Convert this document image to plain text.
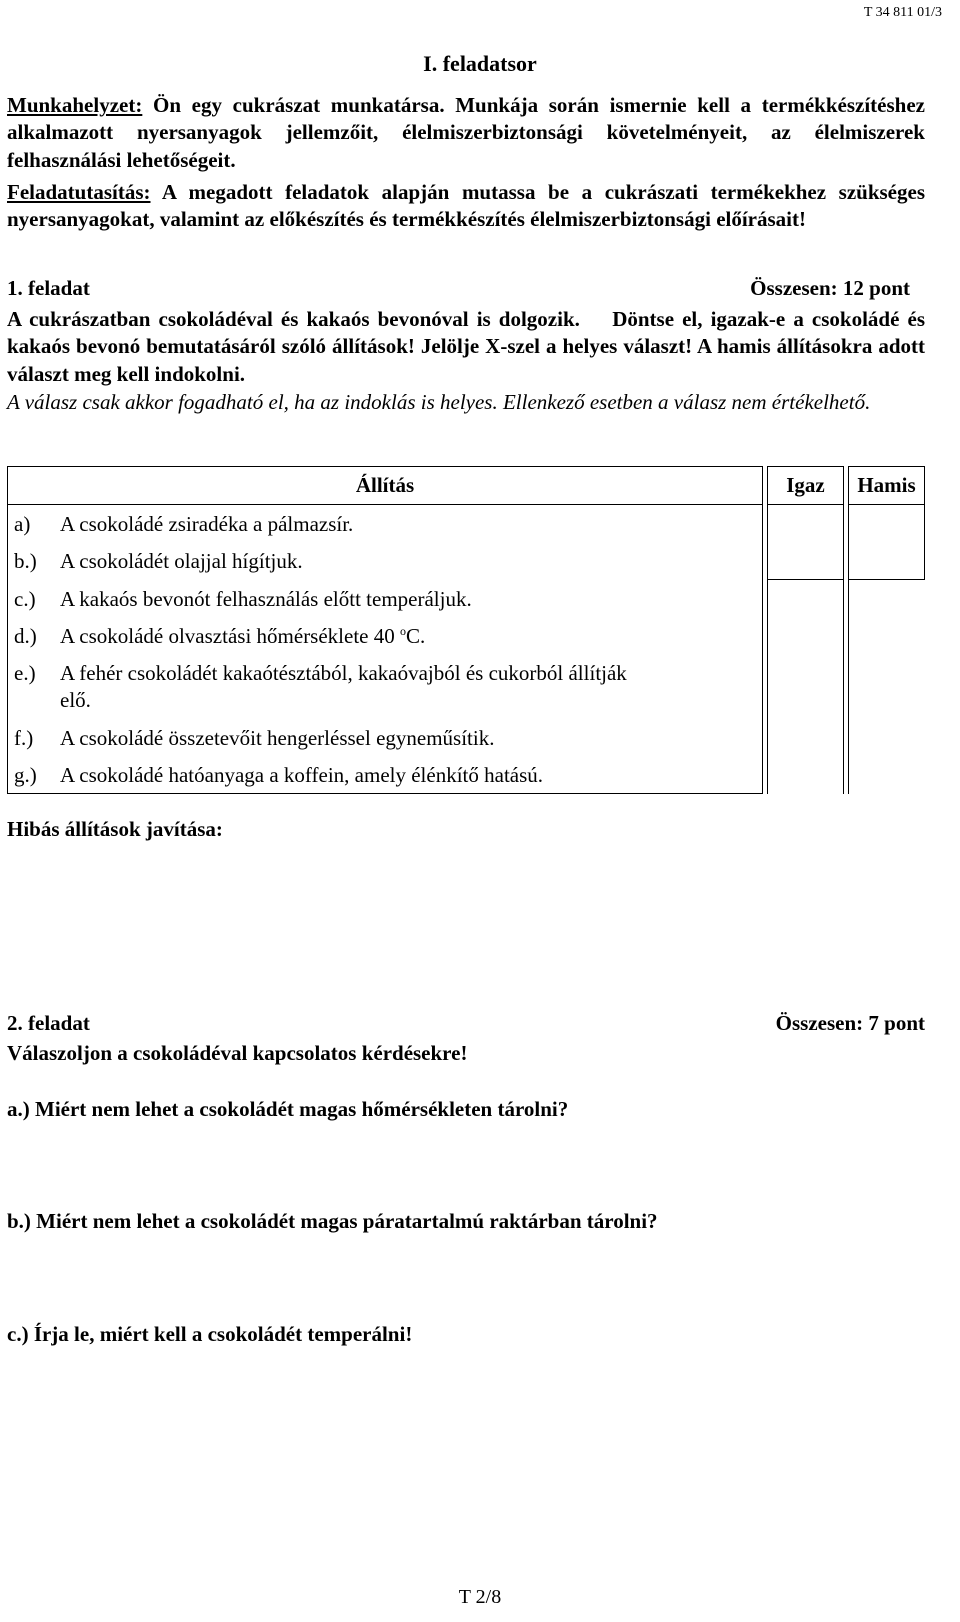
T 34 811 01/3
I. feladatsor
Munkahelyzet: Ön egy cukrászat munkatársa. Munkája során ismernie kell a termékkészítéshez alkalmazott nyersanyagok jellemzőit, élelmiszerbiztonsági követelményeit, az élelmiszerek felhasználási lehetőségeit.
Feladatutasítás: A megadott feladatok alapján mutassa be a cukrászati termékekhez szükséges nyersanyagokat, valamint az előkészítés és termékkészítés élelmiszerbiztonsági előírásait!
1. feladat	Összesen: 12 pont
A cukrászatban csokoládéval és kakaós bevonóval is dolgozik.    Döntse el, igazak-e a csokoládé és kakaós bevonó bemutatásáról szóló állítások! Jelölje X-szel a helyes választ! A hamis állításokra adott választ meg kell indokolni.
A válasz csak akkor fogadható el, ha az indoklás is helyes. Ellenkező esetben a válasz nem értékelhető.
Állítás		Igaz		Hamis
a) A csokoládé zsiradéka a pálmazsír.				
b.) A csokoládét olajjal hígítjuk.				
c.) A kakaós bevonót felhasználás előtt temperáljuk.				
d.) A csokoládé olvasztási hőmérséklete 40 $^o$C.				
e.) A fehér csokoládét kakaótésztából, kakaóvajból és cukorból állítják
elő.				

f.) A csokoládé összetevőit hengerléssel egyneműsítik.				
g.) A csokoládé hatóanyaga a koffein, amely élénkítő hatású.				
Hibás állítások javítása:
2. feladat	Összesen: 7 pont
Válaszoljon a csokoládéval kapcsolatos kérdésekre!
a.) Miért nem lehet a csokoládét magas hőmérsékleten tárolni?
b.) Miért nem lehet a csokoládét magas páratartalmú raktárban tárolni?
c.) Írja le, miért kell a csokoládét temperálni!
T 2/8
